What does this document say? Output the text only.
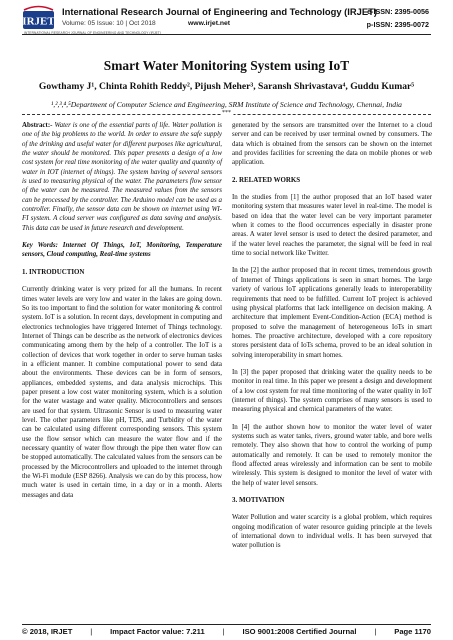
IRJET
INTERNATIONAL RESEARCH JOURNAL OF ENGINEERING AND TECHNOLOGY (IRJET)
International Research Journal of Engineering and Technology (IRJET)
e-ISSN: 2395-0056
Volume: 05 Issue: 10 | Oct 2018	www.irjet.net	p-ISSN: 2395-0072
Smart Water Monitoring System using IoT
Gowthamy J¹, Chinta Rohith Reddy², Pijush Meher³, Saransh Shrivastava⁴, Guddu Kumar⁵
¹,²,³,⁴,⁵Department of Computer Science and Engineering, SRM Institute of Science and Technology, Chennai, India
***

Abstract:- Water is one of the essential parts of life. Water pollution is one of the big problems to the world. In order to ensure the safe supply of the drinking and useful water for different purposes like agricultural, the water should be monitored. This paper presents a design of a low cost system for real time monitoring of the water quality and quantity of water in IOT (internet of things). The system having of several sensors is used to measuring physical of the water. The parameters flow sensor of the water can be measured. The measured values from the sensors can be processed by the controller. The Arduino model can be used as a controller. Finally, the sensor data can be shown on internet using WI-FI system. A cloud server was configured as data saving and analysis. This data can be used in future research and development.

Key Words: Internet Of Things, IoT, Monitoring, Temperature sensors, Cloud computing, Real-time systems

1. INTRODUCTION

Currently drinking water is very prized for all the humans. In recent times water levels are very low and water in the lakes are going down. So its too important to find the solution for water monitoring & control system. IoT is a solution. In recent days, development in computing and electronics technologies have triggered Internet of Things technology. Internet of Things can be describe as the network of electronics devices communicating among them by the help of a controller. The IoT is a collection of devices that work together in order to serve human tasks in a efficient manner. It combine computational power to send data about the environments. These devices can be in form of sensors, appliances, embedded systems, and data analysis microchips. This paper present a low cost water monitoring system, which is a solution for the water wastage and water quality. Microcontrollers and sensors are used for that system. Ultrasonic Sensor is used to measuring water level. The other parameters like pH, TDS, and Turbidity of the water can be calculated using different corresponding sensors. This system use the flow sensor which can measure the water flow and if the necessary quantity of water flow through the pipe then water flow can be stopped automatically. The calculated values from the sensors can be processed by the Microcontrollers and uploaded to the internet through the Wi-Fi module (ESP 8266). Analysis we can do by this process, how much water is used in certain time, in a day or in a month. Alerts messages and data

generated by the sensors are transmitted over the Internet to a cloud server and can be received by user terminal owned by consumers. The data which is obtained from the sensors can be shown on the internet and provides facilities for screening the data on mobile phones or web application.

2. RELATED WORKS

In the studies from [1] the author proposed that an IoT based water monitoring system that measures water level in real-time. The model is based on idea that the water level can be very important parameter when it comes to the flood occurrences especially in disaster prone areas. A water level sensor is used to detect the desired parameter, and if the water level reaches the parameter, the signal will be feed in real time to social network like Twitter.

In the [2] the author proposed that in recent times, tremendous growth of Internet of Things applications is seen in smart homes. The large variety of various IoT applications generally leads to interoperability requirements that need to be fulfilled. Current IoT project is achieved using physical platforms that lack intelligence on decision making. A architecture that implement Event-Condition-Action (ECA) method is proposed to solve the management of heterogeneous IoTs in smart homes. The proactive architecture, developed with a core repository stores persistent data of IoTs schema, proved to be an ideal solution in solving interoperability in smart homes.

In [3] the paper proposed that drinking water the quality needs to be monitor in real time. In this paper we present a design and development of a low cost system for real time monitoring of the water quality in IoT (internet of things). The system comprises of many sensors is used to measuring physical and chemical parameters of the water.

In [4] the author shown how to monitor the water level of water systems such as water tanks, rivers, ground water table, and bore wells remotely. They also shown that how to control the working of pump automatically and remotely. It can be used to remotely monitor the flood affected areas wirelessly and information can be sent to mobile wirelessly. This system is designed to monitor the level of water with the help of water level sensors.

3. MOTIVATION

Water Pollution and water scarcity is a global problem, which requires ongoing modification of water resource guiding principle at the levels of international down to individual wells. It has been surveyed that water pollution is

© 2018, IRJET | Impact Factor value: 7.211 | ISO 9001:2008 Certified Journal | Page 1170
